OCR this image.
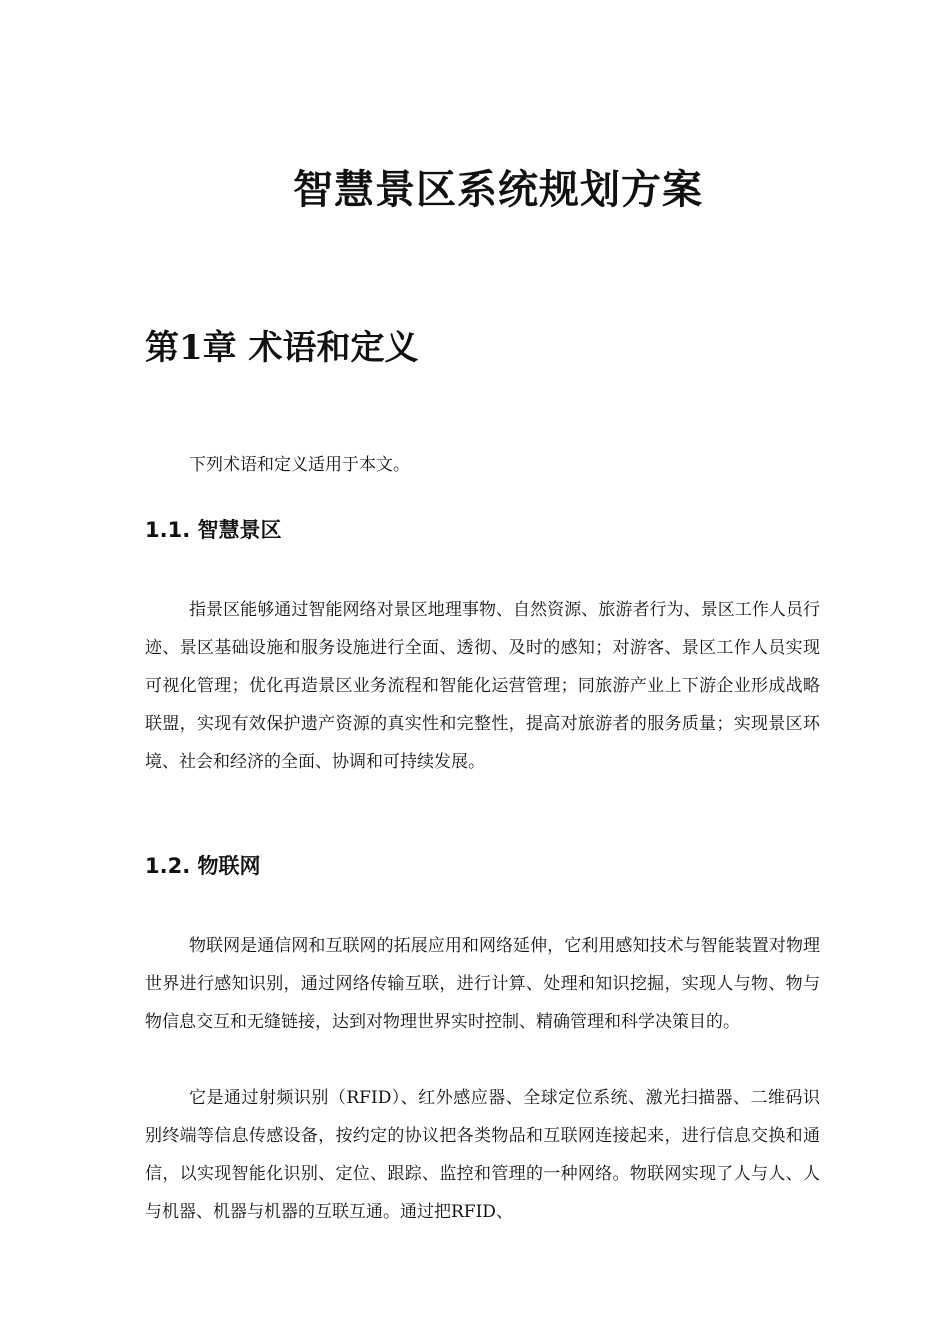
智慧景区系统规划方案
第1章 术语和定义

下列术语和定义适用于本文。

1.1. 智慧景区

指景区能够通过智能网络对景区地理事物、自然资源、旅游者行为、景区工作人员行迹、景区基础设施和服务设施进行全面、透彻、及时的感知；对游客、景区工作人员实现可视化管理；优化再造景区业务流程和智能化运营管理；同旅游产业上下游企业形成战略联盟，实现有效保护遗产资源的真实性和完整性，提高对旅游者的服务质量；实现景区环境、社会和经济的全面、协调和可持续发展。

1.2. 物联网

物联网是通信网和互联网的拓展应用和网络延伸，它利用感知技术与智能装置对物理世界进行感知识别，通过网络传输互联，进行计算、处理和知识挖掘，实现人与物、物与物信息交互和无缝链接，达到对物理世界实时控制、精确管理和科学决策目的。

它是通过射频识别（RFID）、红外感应器、全球定位系统、激光扫描器、二维码识别终端等信息传感设备，按约定的协议把各类物品和互联网连接起来，进行信息交换和通信，以实现智能化识别、定位、跟踪、监控和管理的一种网络。物联网实现了人与人、人与机器、机器与机器的互联互通。通过把RFID、
